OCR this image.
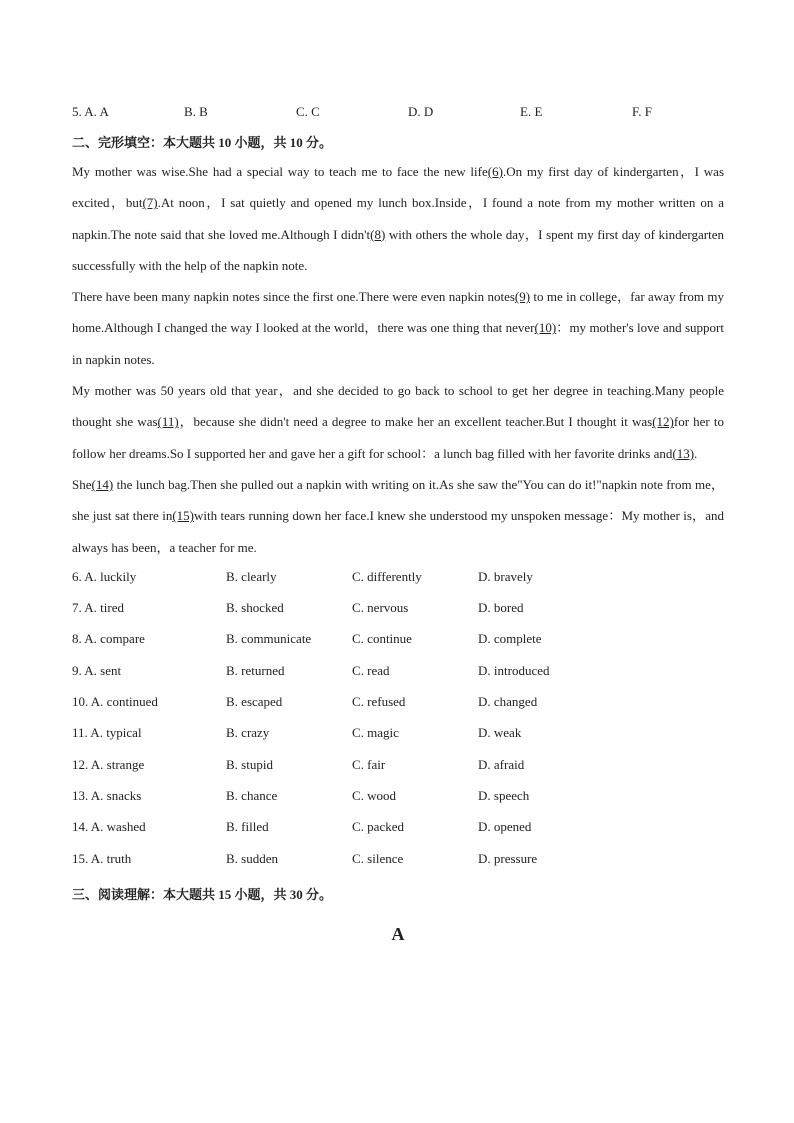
5. A. A	B. B	C. C	D. D	E. E	F. F
二、完形填空：本大题共 10 小题，共 10 分。

My mother was wise.She had a special way to teach me to face the new life(6).On my first day of kindergarten，I was excited，but(7).At noon，I sat quietly and opened my lunch box.Inside，I found a note from my mother written on a napkin.The note said that she loved me.Although I didn't(8) with others the whole day，I spent my first day of kindergarten successfully with the help of the napkin note.

There have been many napkin notes since the first one.There were even napkin notes(9) to me in college，far away from my home.Although I changed the way I looked at the world，there was one thing that never(10)：my mother's love and support in napkin notes.

My mother was 50 years old that year，and she decided to go back to school to get her degree in teaching.Many people thought she was(11)，because she didn't need a degree to make her an excellent teacher.But I thought it was(12)for her to follow her dreams.So I supported her and gave her a gift for school：a lunch bag filled with her favorite drinks and(13).

She(14) the lunch bag.Then she pulled out a napkin with writing on it.As she saw the"You can do it!"napkin note from me，she just sat there in(15)with tears running down her face.I knew she understood my unspoken message：My mother is，and always has been，a teacher for me.

6. A. luckily	B. clearly	C. differently	D. bravely
7. A. tired	B. shocked	C. nervous	D. bored
8. A. compare	B. communicate	C. continue	D. complete
9. A. sent	B. returned	C. read	D. introduced
10. A. continued	B. escaped	C. refused	D. changed
11. A. typical	B. crazy	C. magic	D. weak
12. A. strange	B. stupid	C. fair	D. afraid
13. A. snacks	B. chance	C. wood	D. speech
14. A. washed	B. filled	C. packed	D. opened
15. A. truth	B. sudden	C. silence	D. pressure
三、阅读理解：本大题共 15 小题，共 30 分。
A
